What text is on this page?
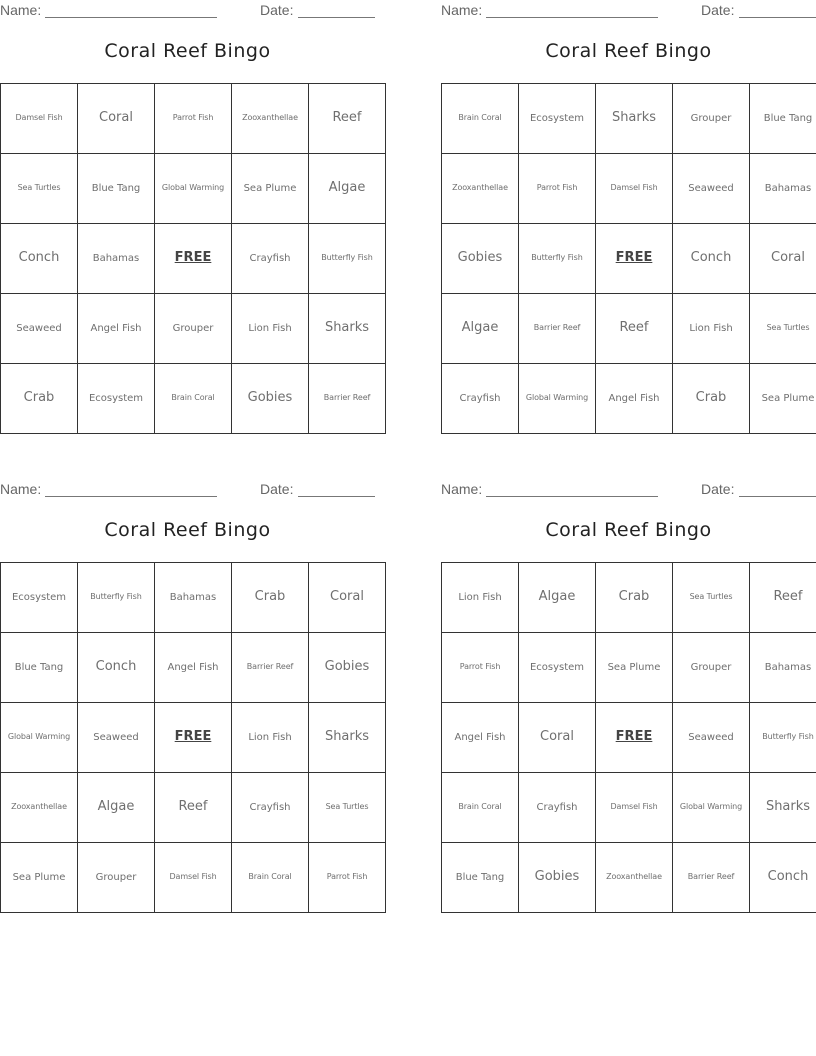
Name:	Date:
Coral Reef Bingo
Damsel Fish	Coral	Parrot Fish	Zooxanthellae	Reef
Sea Turtles	Blue Tang	Global Warming	Sea Plume	Algae
Conch	Bahamas	FREE	Crayfish	Butterfly Fish
Seaweed	Angel Fish	Grouper	Lion Fish	Sharks
Crab	Ecosystem	Brain Coral	Gobies	Barrier Reef
Name:	Date:
Coral Reef Bingo
Brain Coral	Ecosystem	Sharks	Grouper	Blue Tang
Zooxanthellae	Parrot Fish	Damsel Fish	Seaweed	Bahamas
Gobies	Butterfly Fish	FREE	Conch	Coral
Algae	Barrier Reef	Reef	Lion Fish	Sea Turtles
Crayfish	Global Warming	Angel Fish	Crab	Sea Plume
Name:	Date:
Coral Reef Bingo
Ecosystem	Butterfly Fish	Bahamas	Crab	Coral
Blue Tang	Conch	Angel Fish	Barrier Reef	Gobies
Global Warming	Seaweed	FREE	Lion Fish	Sharks
Zooxanthellae	Algae	Reef	Crayfish	Sea Turtles
Sea Plume	Grouper	Damsel Fish	Brain Coral	Parrot Fish
Name:	Date:
Coral Reef Bingo
Lion Fish	Algae	Crab	Sea Turtles	Reef
Parrot Fish	Ecosystem	Sea Plume	Grouper	Bahamas
Angel Fish	Coral	FREE	Seaweed	Butterfly Fish
Brain Coral	Crayfish	Damsel Fish	Global Warming	Sharks
Blue Tang	Gobies	Zooxanthellae	Barrier Reef	Conch
